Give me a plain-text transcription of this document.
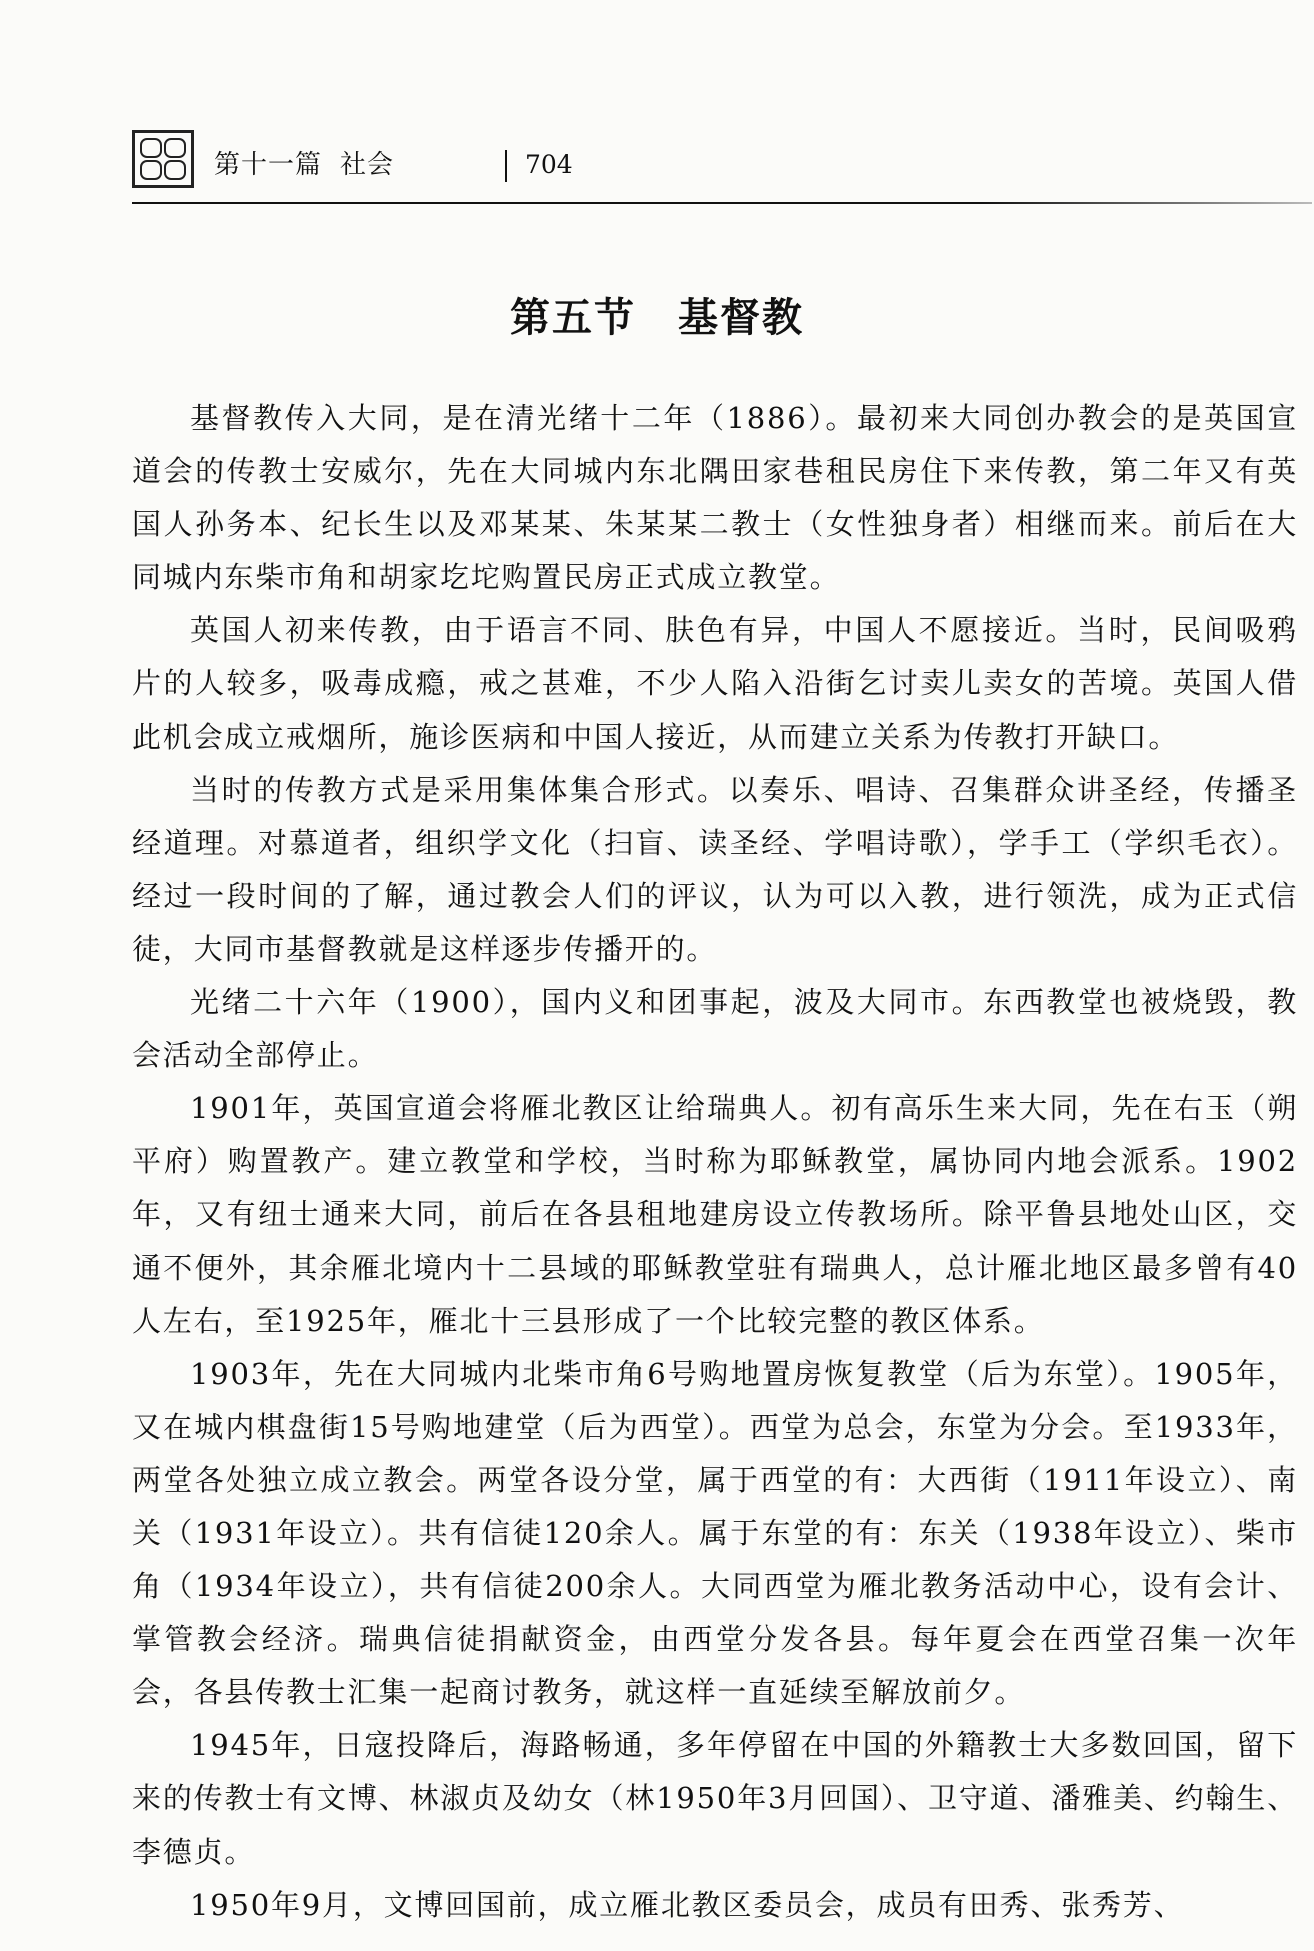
第十一篇 社会	704
第五节　基督教

基督教传入大同，是在清光绪十二年（1886）。最初来大同创办教会的是英国宣道会的传教士安威尔，先在大同城内东北隅田家巷租民房住下来传教，第二年又有英国人孙务本、纪长生以及邓某某、朱某某二教士（女性独身者）相继而来。前后在大同城内东柴市角和胡家圪坨购置民房正式成立教堂。

英国人初来传教，由于语言不同、肤色有异，中国人不愿接近。当时，民间吸鸦片的人较多，吸毒成瘾，戒之甚难，不少人陷入沿街乞讨卖儿卖女的苦境。英国人借此机会成立戒烟所，施诊医病和中国人接近，从而建立关系为传教打开缺口。

当时的传教方式是采用集体集合形式。以奏乐、唱诗、召集群众讲圣经，传播圣经道理。对慕道者，组织学文化（扫盲、读圣经、学唱诗歌），学手工（学织毛衣）。经过一段时间的了解，通过教会人们的评议，认为可以入教，进行领洗，成为正式信徒，大同市基督教就是这样逐步传播开的。

光绪二十六年（1900），国内义和团事起，波及大同市。东西教堂也被烧毁，教会活动全部停止。

1901年，英国宣道会将雁北教区让给瑞典人。初有高乐生来大同，先在右玉（朔平府）购置教产。建立教堂和学校，当时称为耶稣教堂，属协同内地会派系。1902年，又有纽士通来大同，前后在各县租地建房设立传教场所。除平鲁县地处山区，交通不便外，其余雁北境内十二县域的耶稣教堂驻有瑞典人，总计雁北地区最多曾有40人左右，至1925年，雁北十三县形成了一个比较完整的教区体系。

1903年，先在大同城内北柴市角6号购地置房恢复教堂（后为东堂）。1905年，又在城内棋盘街15号购地建堂（后为西堂）。西堂为总会，东堂为分会。至1933年，两堂各处独立成立教会。两堂各设分堂，属于西堂的有：大西街（1911年设立）、南关（1931年设立）。共有信徒120余人。属于东堂的有：东关（1938年设立）、柴市角（1934年设立），共有信徒200余人。大同西堂为雁北教务活动中心，设有会计、掌管教会经济。瑞典信徒捐献资金，由西堂分发各县。每年夏会在西堂召集一次年会，各县传教士汇集一起商讨教务，就这样一直延续至解放前夕。

1945年，日寇投降后，海路畅通，多年停留在中国的外籍教士大多数回国，留下来的传教士有文博、林淑贞及幼女（林1950年3月回国）、卫守道、潘雅美、约翰生、李德贞。

1950年9月，文博回国前，成立雁北教区委员会，成员有田秀、张秀芳、
